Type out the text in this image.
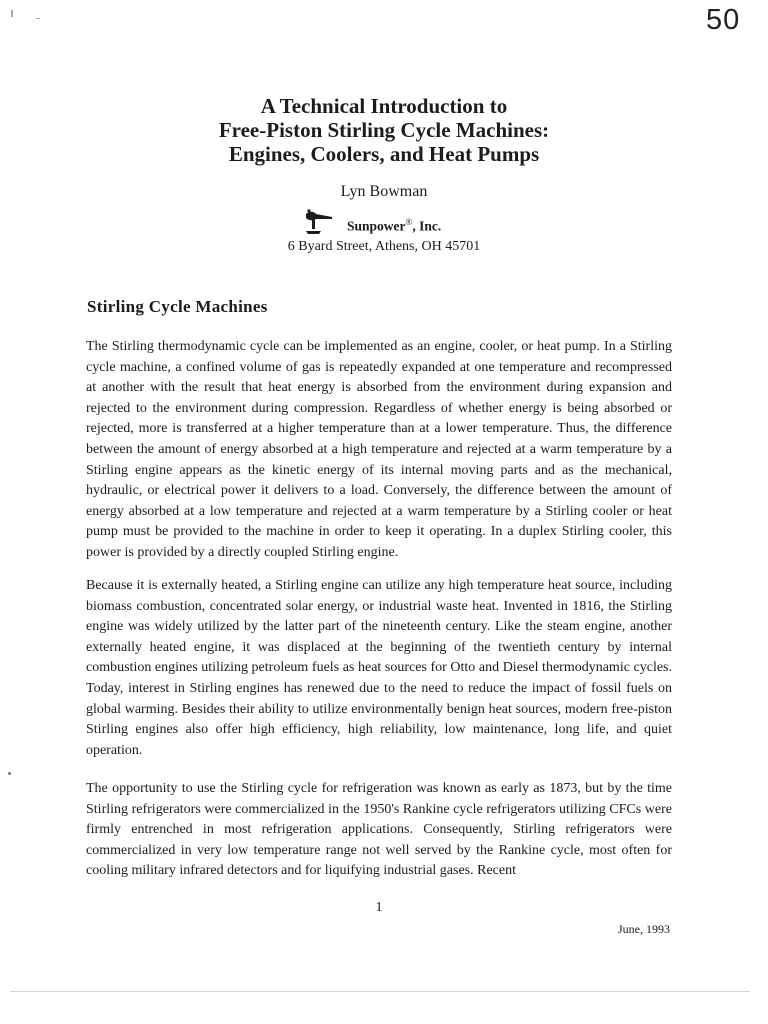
50

A Technical Introduction to

Free-Piston Stirling Cycle Machines:

Engines, Coolers, and Heat Pumps

Lyn Bowman
Sunpower®, Inc.
6 Byard Street, Athens, OH 45701
Stirling Cycle Machines

The Stirling thermodynamic cycle can be implemented as an engine, cooler, or heat pump. In a Stirling cycle machine, a confined volume of gas is repeatedly expanded at one temperature and recompressed at another with the result that heat energy is absorbed from the environment during expansion and rejected to the environment during compression. Regardless of whether energy is being absorbed or rejected, more is transferred at a higher temperature than at a lower temperature. Thus, the difference between the amount of energy absorbed at a high temperature and rejected at a warm temperature by a Stirling engine appears as the kinetic energy of its internal moving parts and as the mechanical, hydraulic, or electrical power it delivers to a load. Conversely, the difference between the amount of energy absorbed at a low temperature and rejected at a warm temperature by a Stirling cooler or heat pump must be provided to the machine in order to keep it operating. In a duplex Stirling cooler, this power is provided by a directly coupled Stirling engine.

Because it is externally heated, a Stirling engine can utilize any high temperature heat source, including biomass combustion, concentrated solar energy, or industrial waste heat. Invented in 1816, the Stirling engine was widely utilized by the latter part of the nineteenth century. Like the steam engine, another externally heated engine, it was displaced at the beginning of the twentieth century by internal combustion engines utilizing petroleum fuels as heat sources for Otto and Diesel thermodynamic cycles. Today, interest in Stirling engines has renewed due to the need to reduce the impact of fossil fuels on global warming. Besides their ability to utilize environmentally benign heat sources, modern free-piston Stirling engines also offer high efficiency, high reliability, low maintenance, long life, and quiet operation.

The opportunity to use the Stirling cycle for refrigeration was known as early as 1873, but by the time Stirling refrigerators were commercialized in the 1950's Rankine cycle refrigerators utilizing CFCs were firmly entrenched in most refrigeration applications. Consequently, Stirling refrigerators were commercialized in very low temperature range not well served by the Rankine cycle, most often for cooling military infrared detectors and for liquifying industrial gases. Recent

1
June, 1993
